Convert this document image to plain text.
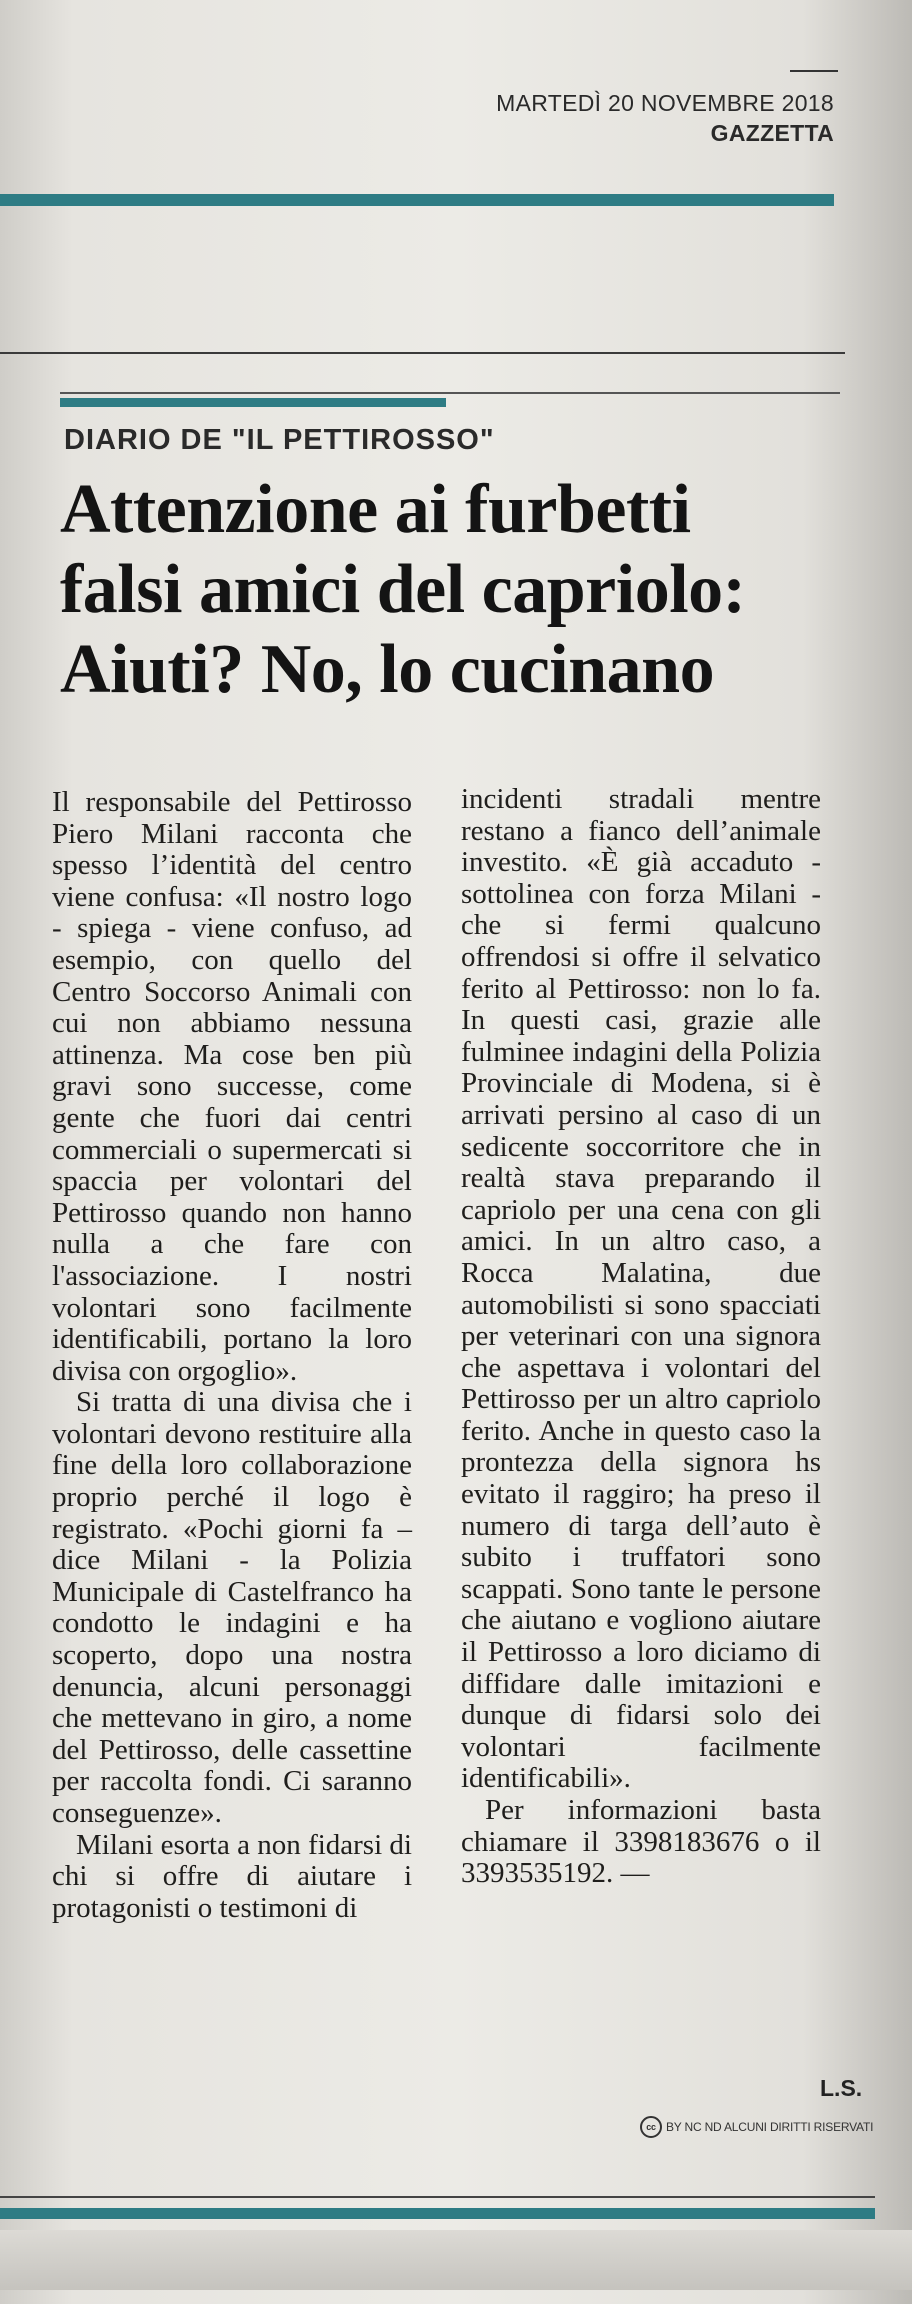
MARTEDÌ 20 NOVEMBRE 2018
GAZZETTA
DIARIO DE "IL PETTIROSSO"
Attenzione ai furbetti
falsi amici del capriolo:
Aiuti? No, lo cucinano

Il responsabile del Pettirosso Piero Milani racconta che spesso l’identità del centro viene confusa: «Il nostro logo - spiega - viene confuso, ad esempio, con quello del Centro Soccorso Animali con cui non abbiamo nessuna attinenza. Ma cose ben più gravi sono successe, come gente che fuori dai centri commerciali o supermercati si spaccia per volontari del Pettirosso quando non hanno nulla a che fare con l'associazione. I nostri volontari sono facilmente identificabili, portano la loro divisa con orgoglio».

Si tratta di una divisa che i volontari devono restituire alla fine della loro collaborazione proprio perché il logo è registrato. «Pochi giorni fa – dice Milani - la Polizia Municipale di Castelfranco ha condotto le indagini e ha scoperto, dopo una nostra denuncia, alcuni personaggi che mettevano in giro, a nome del Pettirosso, delle cassettine per raccolta fondi. Ci saranno conseguenze».

Milani esorta a non fidarsi di chi si offre di aiutare i protagonisti o testimoni di

incidenti stradali mentre restano a fianco dell’animale investito. «È già accaduto - sottolinea con forza Milani - che si fermi qualcuno offrendosi si offre il selvatico ferito al Pettirosso: non lo fa. In questi casi, grazie alle fulminee indagini della Polizia Provinciale di Modena, si è arrivati persino al caso di un sedicente soccorritore che in realtà stava preparando il capriolo per una cena con gli amici. In un altro caso, a Rocca Malatina, due automobilisti si sono spacciati per veterinari con una signora che aspettava i volontari del Pettirosso per un altro capriolo ferito. Anche in questo caso la prontezza della signora hs evitato il raggiro; ha preso il numero di targa dell’auto è subito i truffatori sono scappati. Sono tante le persone che aiutano e vogliono aiutare il Pettirosso a loro diciamo di diffidare dalle imitazioni e dunque di fidarsi solo dei volontari facilmente identificabili».

Per informazioni basta chiamare il 3398183676 o il 3393535192. —

L.S.
cc BY NC ND ALCUNI DIRITTI RISERVATI
